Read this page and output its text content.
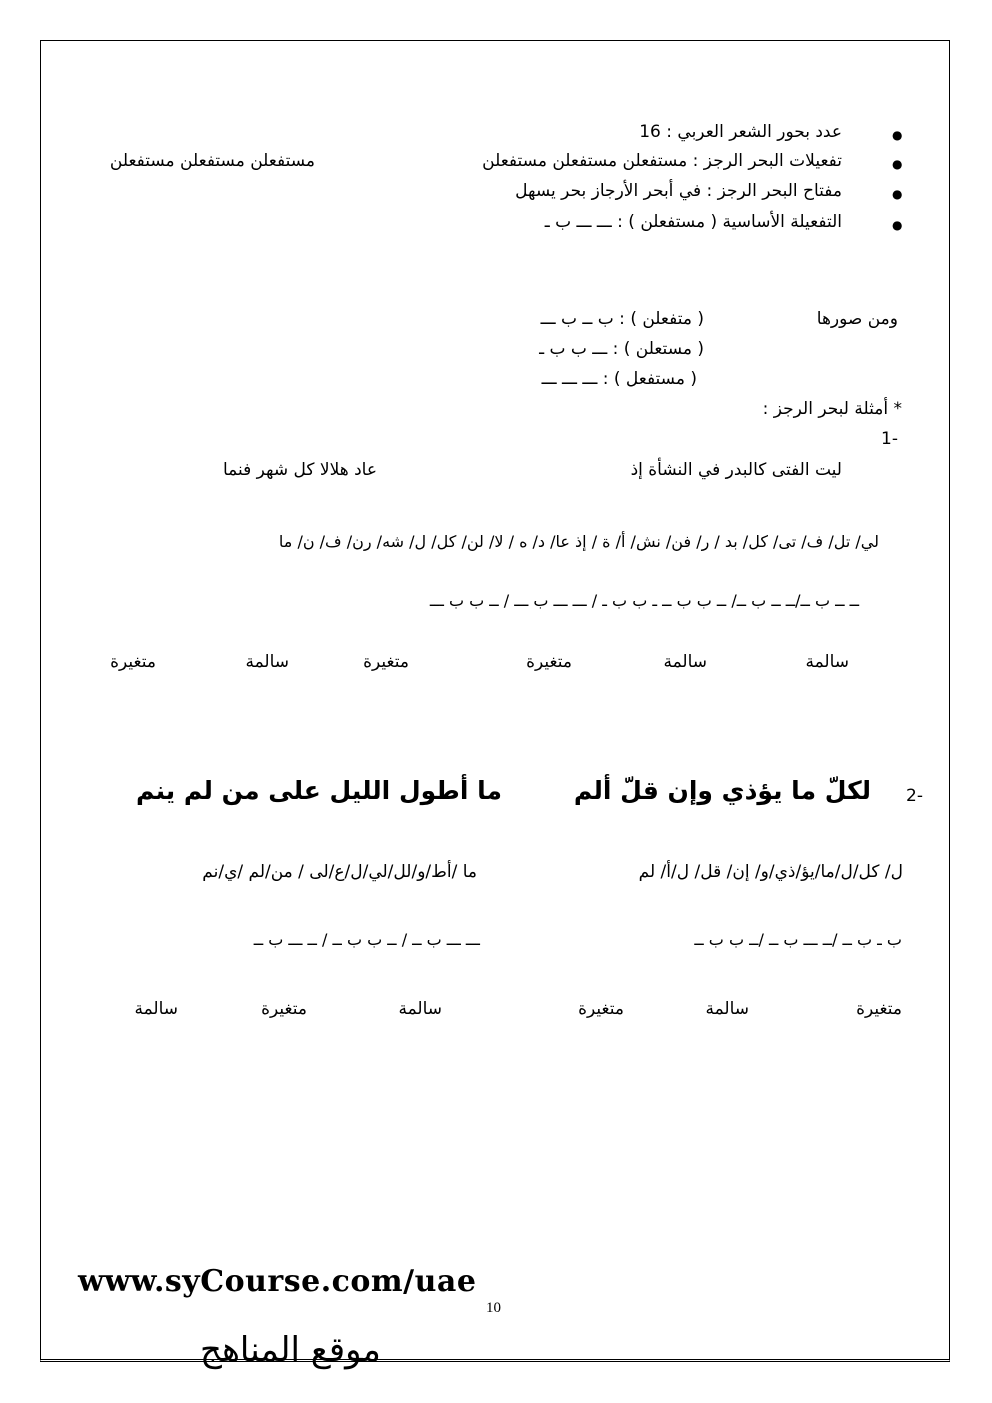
●
عدد بحور الشعر العربي : 16
●
تفعيلات البحر الرجز : مستفعلن مستفعلن مستفعلن
مستفعلن مستفعلن مستفعلن
●
مفتاح البحر الرجز : في أبحر الأرجاز بحر يسهل
●
التفعيلة الأساسية ( مستفعلن ) : ـــ ـــ ب ـ
ومن صورها
( متفعلن ) : ب ــ ب ـــ
( مستعلن ) : ـــ ب ب ـ
( مستفعل ) : ـــ ـــ ـــ
* أمثلة لبحر الرجز :
1-
ليت الفتى كالبدر في النشأة إذ
عاد هلالا كل شهر فنما
لي/ تل/ ف/ تى/ كل/ بد / ر/ فن/ نش/ أ/ ة / إذ عا/ د/ ه / لا/ لن/ كل/ ل/ شه/ رن/ ف/ ن/ ما
ــ ــ ب ــ/ــ ــ ب ــ/ ــ ب ب ــ ـ ب ب ـ / ـــ ـــ ب ـــ / ــ ب ب ـــ
سالمة
سالمة
متغيرة
متغيرة
سالمة
متغيرة
2-
لكلّ ما يؤذي وإن قلّ ألم
ما أطول الليل على من لم ينم
ل/ كل/ل/ما/يؤ/ذي/و/ إن/ قل/ ل/أ/ لم
ما /أط/و/لل/لي/ل/ع/لى / من/لم /ي/نم
ب ـ ب ــ /ــ ـــ ب ــ /ــ ب ب ــ
ـــ ـــ ب ــ / ــ ب ب ــ / ــ ـــ ب ــ
متغيرة
سالمة
متغيرة
سالمة
متغيرة
سالمة
www.syCourse.com/uae
10
موقع المناهج
